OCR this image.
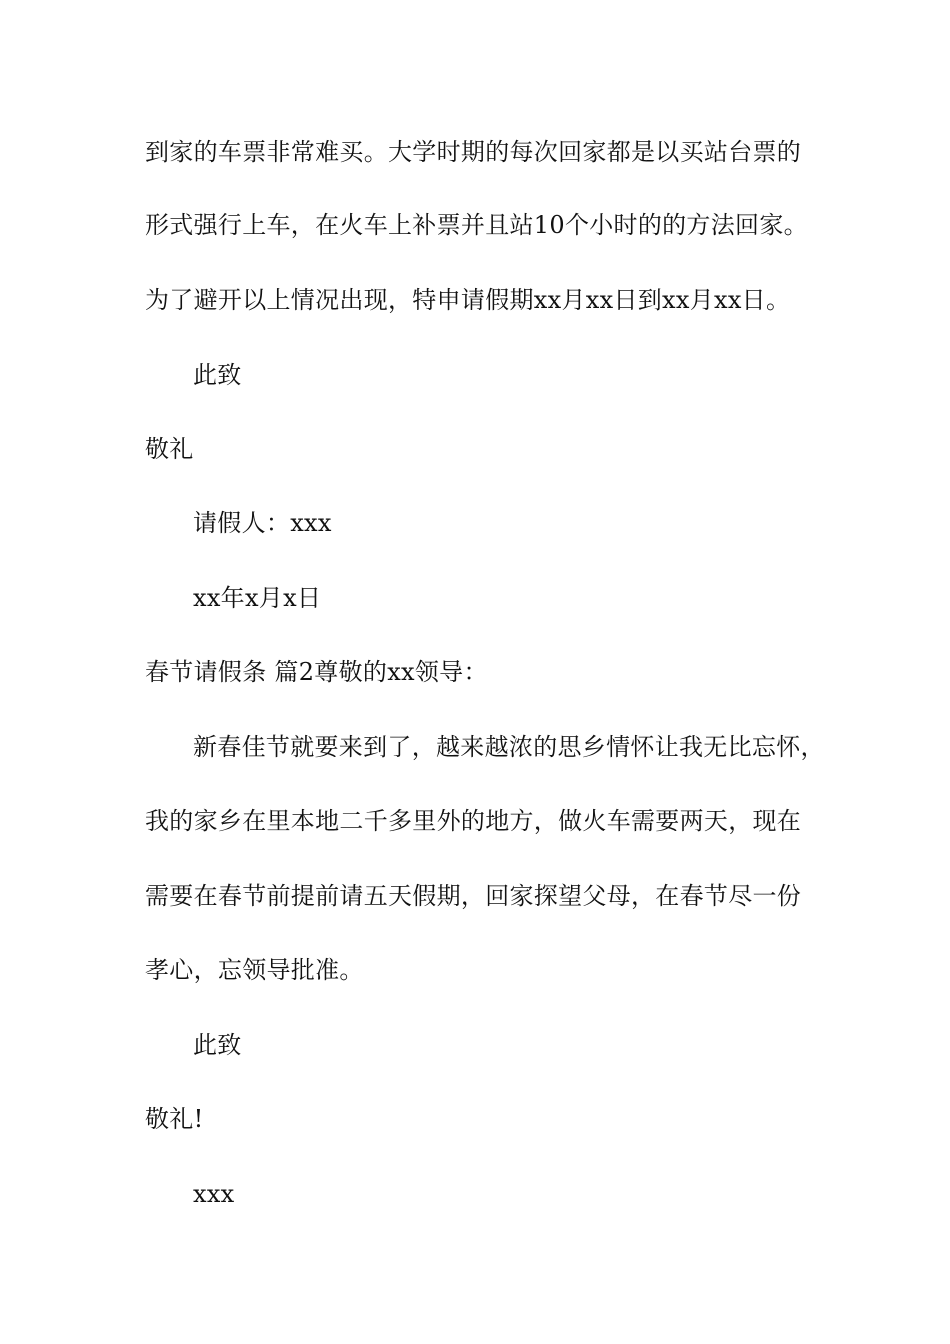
到家的车票非常难买。大学时期的每次回家都是以买站台票的
形式强行上车，在火车上补票并且站10个小时的的方法回家。
为了避开以上情况出现，特申请假期xx月xx日到xx月xx日。
此致
敬礼
请假人：xxx
xx年x月x日
春节请假条 篇2尊敬的xx领导：
新春佳节就要来到了，越来越浓的思乡情怀让我无比忘怀，
我的家乡在里本地二千多里外的地方，做火车需要两天，现在
需要在春节前提前请五天假期，回家探望父母，在春节尽一份
孝心，忘领导批准。
此致
敬礼!
xxx
